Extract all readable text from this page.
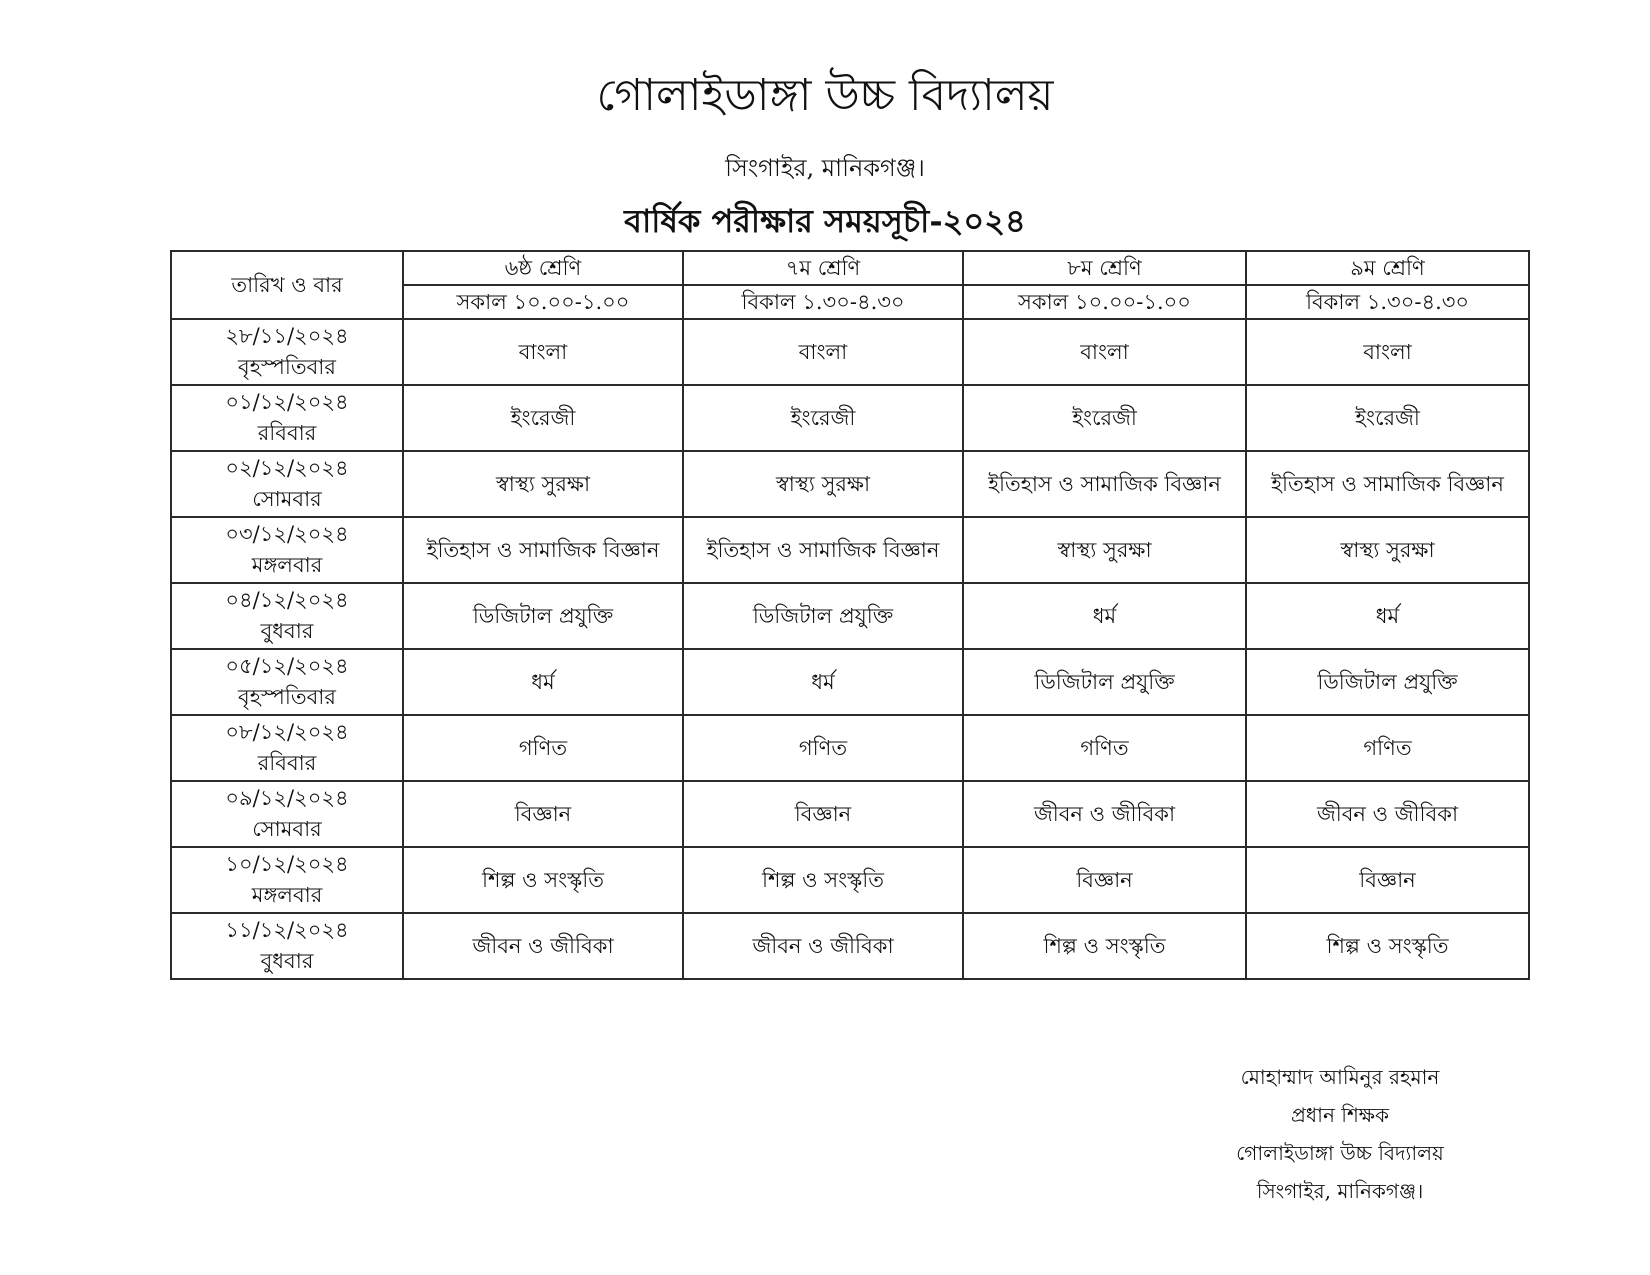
গোলাইডাঙ্গা উচ্চ বিদ্যালয়
সিংগাইর, মানিকগঞ্জ।
বার্ষিক পরীক্ষার সময়সূচী-২০২৪
তারিখ ও বার	৬ষ্ঠ শ্রেণি	৭ম শ্রেণি	৮ম শ্রেণি	৯ম শ্রেণি
	সকাল ১০.০০-১.০০	বিকাল ১.৩০-৪.৩০	সকাল ১০.০০-১.০০	বিকাল ১.৩০-৪.৩০

২৮/১১/২০২৪
বৃহস্পতিবার	বাংলা	বাংলা	বাংলা	বাংলা

০১/১২/২০২৪
রবিবার	ইংরেজী	ইংরেজী	ইংরেজী	ইংরেজী

০২/১২/২০২৪
সোমবার	স্বাস্থ্য সুরক্ষা	স্বাস্থ্য সুরক্ষা	ইতিহাস ও সামাজিক বিজ্ঞান	ইতিহাস ও সামাজিক বিজ্ঞান

০৩/১২/২০২৪
মঙ্গলবার	ইতিহাস ও সামাজিক বিজ্ঞান	ইতিহাস ও সামাজিক বিজ্ঞান	স্বাস্থ্য সুরক্ষা	স্বাস্থ্য সুরক্ষা

০৪/১২/২০২৪
বুধবার	ডিজিটাল প্রযুক্তি	ডিজিটাল প্রযুক্তি	ধর্ম	ধর্ম

০৫/১২/২০২৪
বৃহস্পতিবার	ধর্ম	ধর্ম	ডিজিটাল প্রযুক্তি	ডিজিটাল প্রযুক্তি

০৮/১২/২০২৪
রবিবার	গণিত	গণিত	গণিত	গণিত

০৯/১২/২০২৪
সোমবার	বিজ্ঞান	বিজ্ঞান	জীবন ও জীবিকা	জীবন ও জীবিকা

১০/১২/২০২৪
মঙ্গলবার	শিল্প ও সংস্কৃতি	শিল্প ও সংস্কৃতি	বিজ্ঞান	বিজ্ঞান

১১/১২/২০২৪
বুধবার	জীবন ও জীবিকা	জীবন ও জীবিকা	শিল্প ও সংস্কৃতি	শিল্প ও সংস্কৃতি
মোহাম্মাদ আমিনুর রহমান
প্রধান শিক্ষক
গোলাইডাঙ্গা উচ্চ বিদ্যালয়
সিংগাইর, মানিকগঞ্জ।
